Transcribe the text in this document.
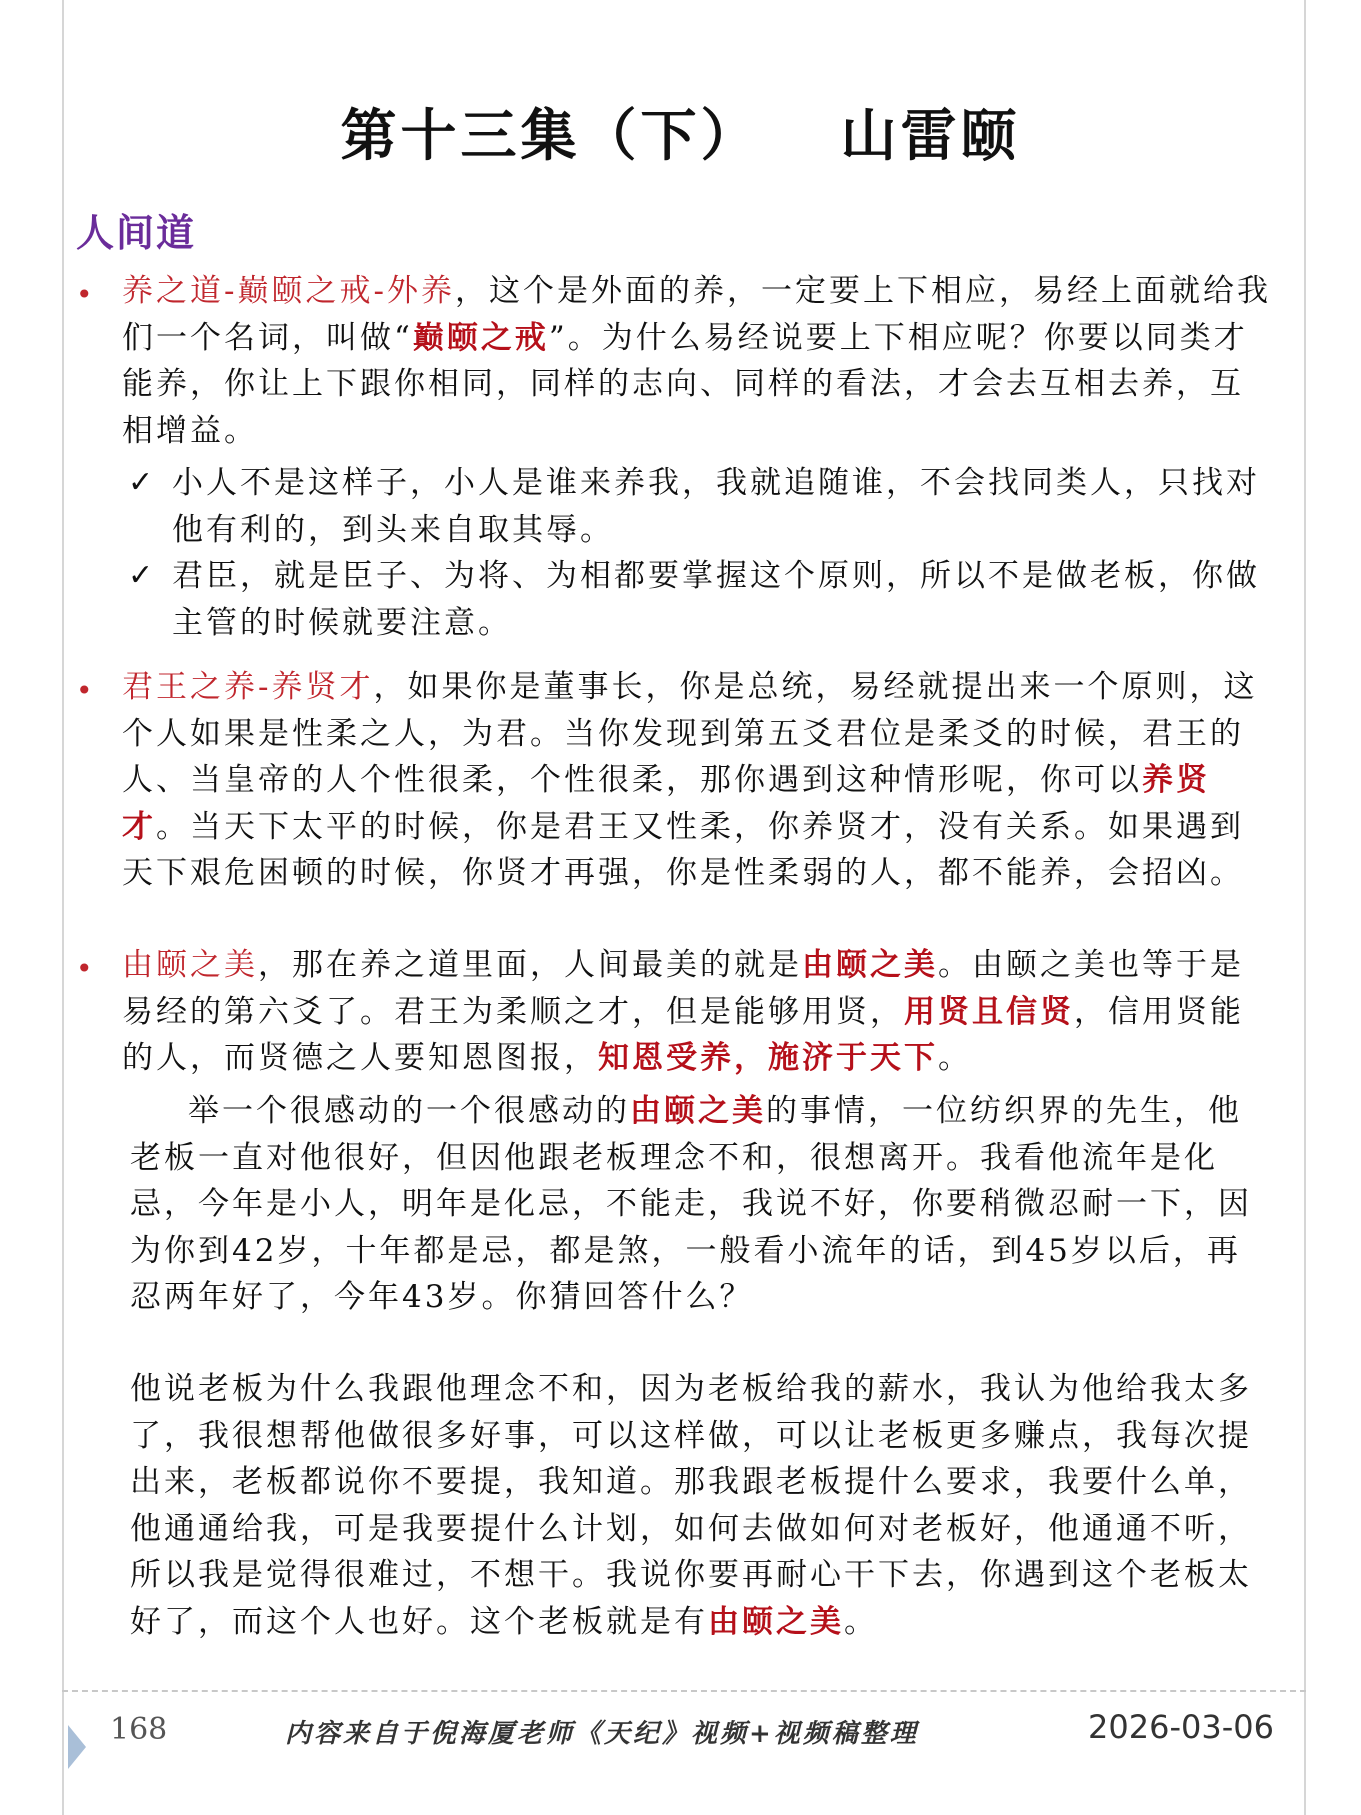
第十三集（下） 山雷颐
人间道
• 养之道-巅颐之戒-外养，这个是外面的养，一定要上下相应，易经上面就给我们一个名词，叫做“巅颐之戒”。为什么易经说要上下相应呢？你要以同类才能养，你让上下跟你相同，同样的志向、同样的看法，才会去互相去养，互相增益。
✓ 小人不是这样子，小人是谁来养我，我就追随谁，不会找同类人，只找对他有利的，到头来自取其辱。
✓ 君臣，就是臣子、为将、为相都要掌握这个原则，所以不是做老板，你做主管的时候就要注意。
• 君王之养-养贤才，如果你是董事长，你是总统，易经就提出来一个原则，这个人如果是性柔之人，为君。当你发现到第五爻君位是柔爻的时候，君王的人、当皇帝的人个性很柔，个性很柔，那你遇到这种情形呢，你可以养贤才。当天下太平的时候，你是君王又性柔，你养贤才，没有关系。如果遇到天下艰危困顿的时候，你贤才再强，你是性柔弱的人，都不能养，会招凶。
• 由颐之美，那在养之道里面，人间最美的就是由颐之美。由颐之美也等于是易经的第六爻了。君王为柔顺之才，但是能够用贤，用贤且信贤，信用贤能的人，而贤德之人要知恩图报，知恩受养，施济于天下。
举一个很感动的一个很感动的由颐之美的事情，一位纺织界的先生，他老板一直对他很好，但因他跟老板理念不和，很想离开。我看他流年是化忌，今年是小人，明年是化忌，不能走，我说不好，你要稍微忍耐一下，因为你到42岁，十年都是忌，都是煞，一般看小流年的话，到45岁以后，再忍两年好了，今年43岁。你猜回答什么？
他说老板为什么我跟他理念不和，因为老板给我的薪水，我认为他给我太多了，我很想帮他做很多好事，可以这样做，可以让老板更多赚点，我每次提出来，老板都说你不要提，我知道。那我跟老板提什么要求，我要什么单，他通通给我，可是我要提什么计划，如何去做如何对老板好，他通通不听，所以我是觉得很难过，不想干。我说你要再耐心干下去，你遇到这个老板太好了，而这个人也好。这个老板就是有由颐之美。
168	内容来自于倪海厦老师《天纪》视频+视频稿整理	2026-03-06
